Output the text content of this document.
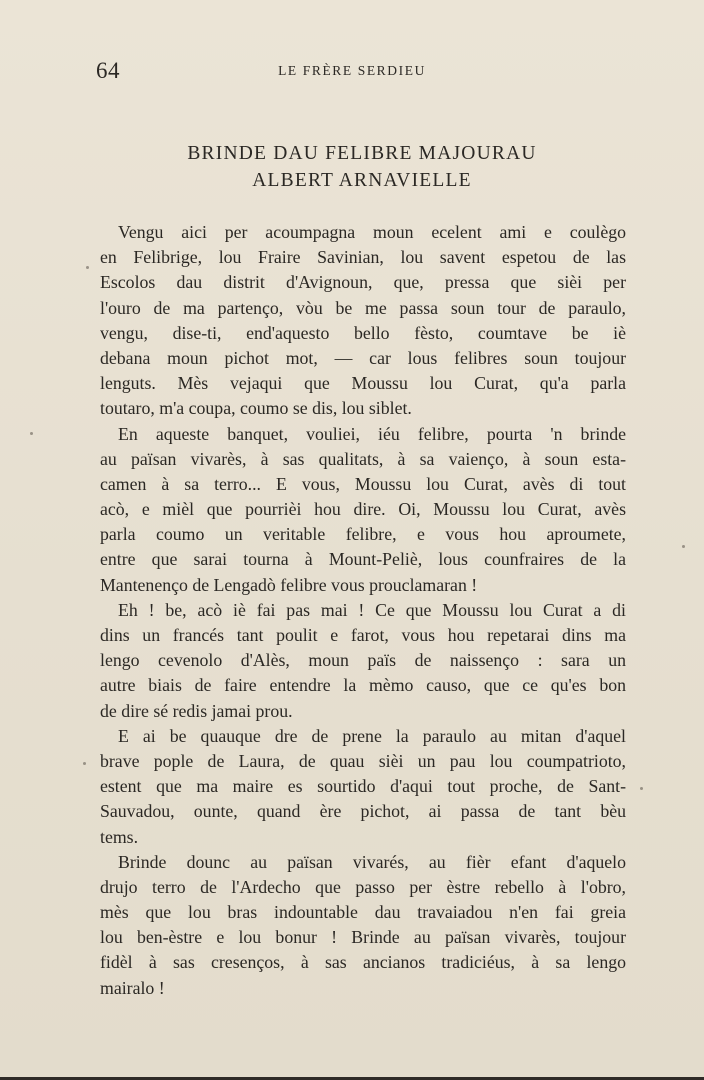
64	LE FRÈRE SERDIEU
BRINDE DAU FELIBRE MAJOURAU
ALBERT ARNAVIELLE
Vengu aici per acoumpagna moun ecelent ami e coulègo
en Felibrige, lou Fraire Savinian, lou savent espetou de las
Escolos dau distrit d'Avignoun, que, pressa que sièi per
l'ouro de ma partenço, vòu be me passa soun tour de paraulo,
vengu, dise-ti, end'aquesto bello fèsto, coumtave be iè
debana moun pichot mot, — car lous felibres soun toujour
lenguts. Mès vejaqui que Moussu lou Curat, qu'a parla
toutaro, m'a coupa, coumo se dis, lou siblet.
En aqueste banquet, vouliei, iéu felibre, pourta 'n brinde
au païsan vivarès, à sas qualitats, à sa vaienço, à soun esta-
camen à sa terro... E vous, Moussu lou Curat, avès di tout
acò, e mièl que pourrièi hou dire. Oi, Moussu lou Curat, avès
parla coumo un veritable felibre, e vous hou aproumete,
entre que sarai tourna à Mount-Peliè, lous counfraires de la
Mantenenço de Lengadò felibre vous prouclamaran !
Eh ! be, acò iè fai pas mai ! Ce que Moussu lou Curat a di
dins un francés tant poulit e farot, vous hou repetarai dins ma
lengo cevenolo d'Alès, moun païs de naissenço : sara un
autre biais de faire entendre la mèmo causo, que ce qu'es bon
de dire sé redis jamai prou.
E ai be quauque dre de prene la paraulo au mitan d'aquel
brave pople de Laura, de quau sièi un pau lou coumpatrioto,
estent que ma maire es sourtido d'aqui tout proche, de Sant-
Sauvadou, ounte, quand ère pichot, ai passa de tant bèu
tems.
Brinde dounc au païsan vivarés, au fièr efant d'aquelo
drujo terro de l'Ardecho que passo per èstre rebello à l'obro,
mès que lou bras indountable dau travaiadou n'en fai greia
lou ben-èstre e lou bonur ! Brinde au païsan vivarès, toujour
fidèl à sas cresenços, à sas ancianos tradiciéus, à sa lengo
mairalo !
